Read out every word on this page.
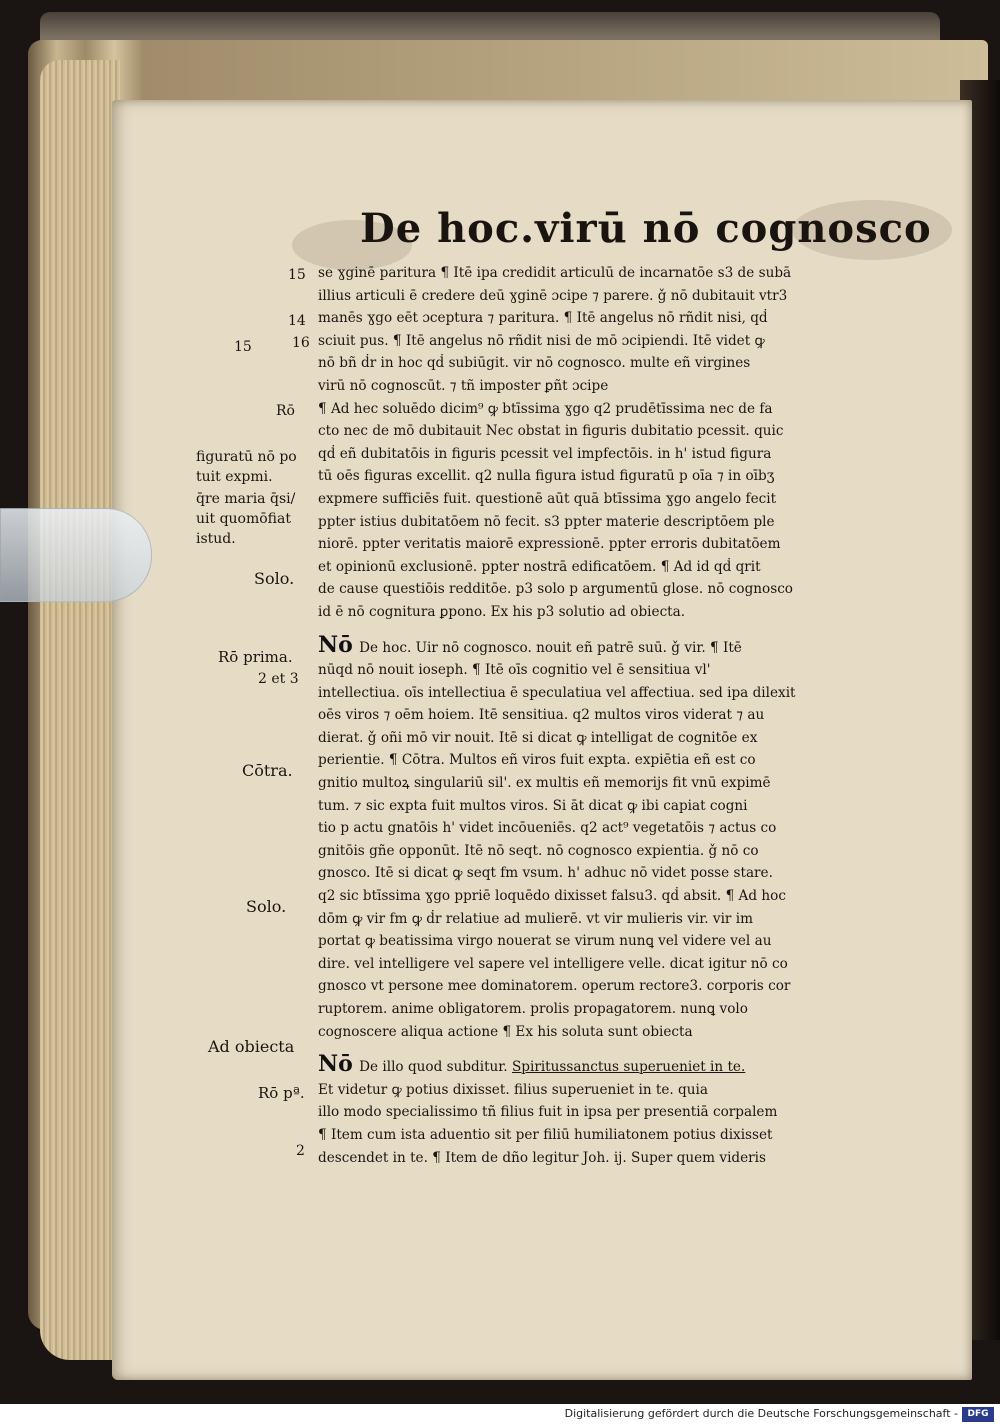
De hoc.virū nō cognosco
se ɣginē paritura ¶ Itē ipa credidit articulū de incarnatōe s3 de subā
illius articuli ē credere deū ɣginē ɔcipe ⁊ parere. ǧ nō dubitauit vtr3
manēs ɣgo eēt ɔceptura ⁊ paritura. ¶ Itē angelus nō rñdit nisi, qḋ
sciuit pus. ¶ Itē angelus nō rñdit nisi de mō ɔcipiendi. Itē videt ꝙ
nō bñ ḋr in hoc qḋ subiūgit. vir nō cognosco. multe eñ virgines
virū nō cognoscūt. ⁊ tñ imposter ꝑñt ɔcipe
¶ Ad hec soluēdo dicim⁹ ꝙ btīssima ɣgo q2 prudētīssima nec de fa
cto nec de mō dubitauit Nec obstat in figuris dubitatio pcessit. quic
qḋ eñ dubitatōis in figuris pcessit vel impfectōis. in h' istud figura
tū oēs figuras excellit. q2 nulla figura istud figuratū p oīa ⁊ in oībʒ
expmere sufficiēs fuit. questionē aūt quā btīssima ɣgo angelo fecit
ppter istius dubitatōem nō fecit. s3 ppter materie descriptōem ple
niorē. ppter veritatis maiorē expressionē. ppter erroris dubitatōem
et opinionū exclusionē. ppter nostrā edificatōem. ¶ Ad id qḋ qrit
de cause questiōis redditōe. p3 solo p argumentū glose. nō cognosco
id ē nō cognitura ꝑpono. Ex his p3 solutio ad obiecta.
Nō De hoc. Uir nō cognosco. nouit eñ patrē suū. ǧ vir. ¶ Itē
nūqd nō nouit ioseph. ¶ Itē oīs cognitio vel ē sensitiua vl'
intellectiua. oīs intellectiua ē speculatiua vel affectiua. sed ipa dilexit
oēs viros ⁊ oēm hoiem. Itē sensitiua. q2 multos viros viderat ⁊ au
dierat. ǧ oñi mō vir nouit. Itē si dicat ꝙ intelligat de cognitōe ex
perientie. ¶ Cōtra. Multos eñ viros fuit expta. expiētia eñ est co
gnitio multoꝝ singulariū sil'. ex multis eñ memorijs fit vnū expimē
tum. ⁊ sic expta fuit multos viros. Si āt dicat ꝙ ibi capiat cogni
tio p actu gnatōis h' videt incōueniēs. q2 act⁹ vegetatōis ⁊ actus co
gnitōis gñe opponūt. Itē nō seqt. nō cognosco expientia. ǧ nō co
gnosco. Itē si dicat ꝙ seqt fm vsum. h' adhuc nō videt posse stare.
q2 sic btīssima ɣgo ppriē loquēdo dixisset falsu3. qḋ absit. ¶ Ad hoc
dōm ꝙ vir fm ꝙ ḋr relatiue ad mulierē. vt vir mulieris vir. vir im
portat ꝙ beatissima virgo nouerat se virum nunꝗ vel videre vel au
dire. vel intelligere vel sapere vel intelligere velle. dicat igitur nō co
gnosco vt persone mee dominatorem. operum rectore3. corporis cor
ruptorem. anime obligatorem. prolis propagatorem. nunꝗ volo
cognoscere aliqua actione ¶ Ex his soluta sunt obiecta
Nō De illo quod subditur. Spiritussanctus superueniet in te.
Et videtur ꝙ potius dixisset. filius superueniet in te. quia
illo modo specialissimo tñ filius fuit in ipsa per presentiā corpalem
¶ Item cum ista aduentio sit per filiū humiliatonem potius dixisset
descendet in te. ¶ Item de dño legitur Joh. ij. Super quem videris
15
14
16
15
Rō
figuratū nō po
tuit expmi.
q̄re maria q̄si/
uit quomōfiat
istud.
Solo.
Rō prima.
2 et 3
Cōtra.
Solo.
Ad obiecta
Rō pª.
2
Digitalisierung gefördert durch die Deutsche Forschungsgemeinschaft -	DFG
